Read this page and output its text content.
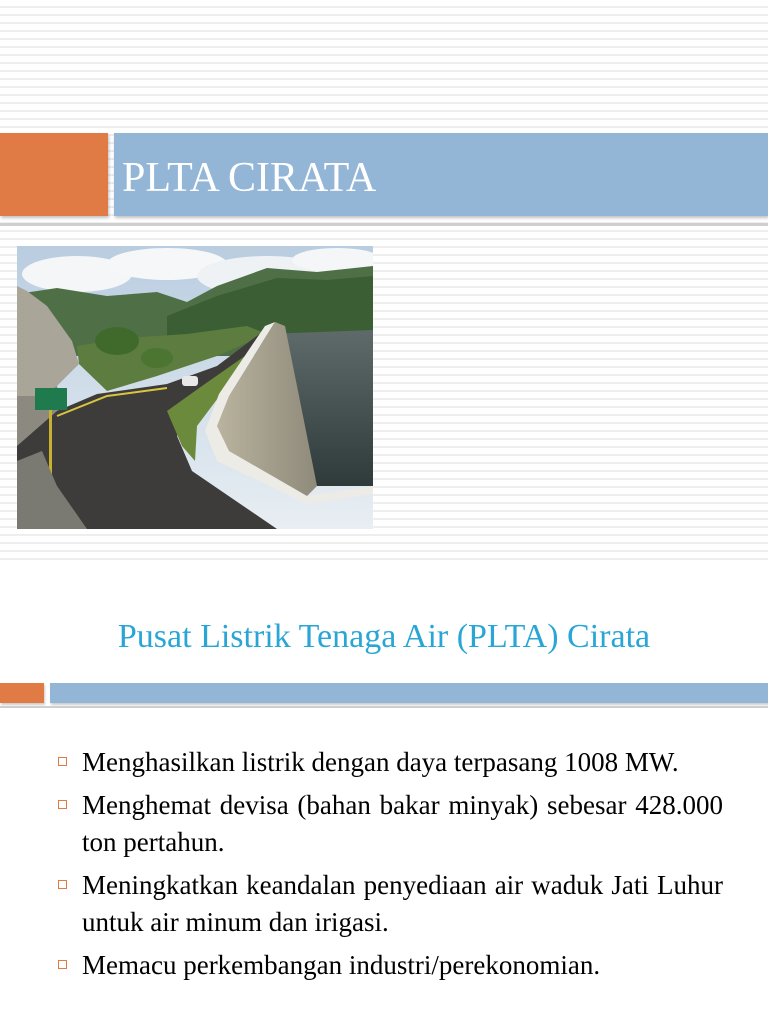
PLTA CIRATA
Pusat Listrik Tenaga Air (PLTA) Cirata
Menghasilkan listrik dengan daya terpasang 1008 MW.
Menghemat devisa (bahan bakar minyak) sebesar 428.000 ton pertahun.
Meningkatkan keandalan penyediaan air waduk Jati Luhur untuk air minum dan irigasi.
Memacu perkembangan industri/perekonomian.
